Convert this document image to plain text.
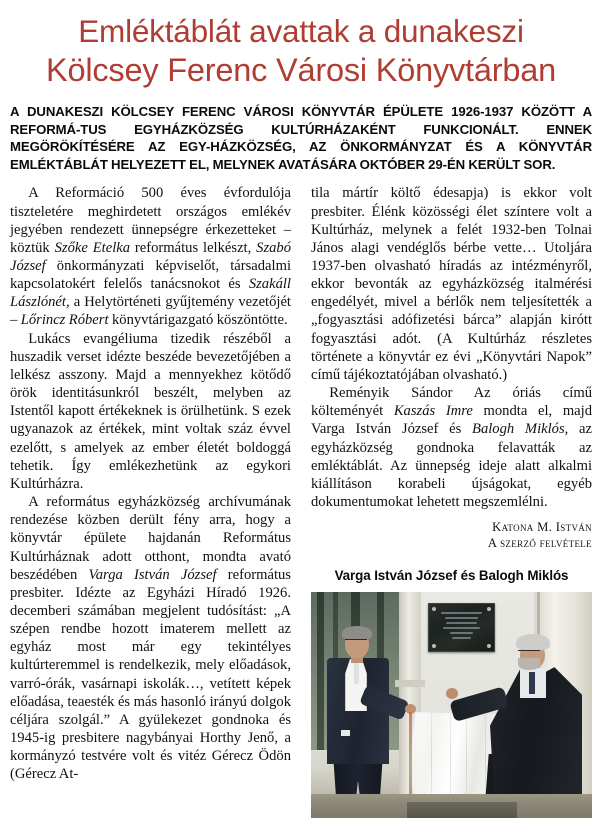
Emléktáblát avattak a dunakeszi
Kölcsey Ferenc Városi Könyvtárban

A DUNAKESZI KÖLCSEY FERENC VÁROSI KÖNYVTÁR ÉPÜLETE 1926-1937 KÖZÖTT A REFORMÁ-TUS EGYHÁZKÖZSÉG KULTÚRHÁZAKÉNT FUNKCIONÁLT. ENNEK MEGÖRÖKÍTÉSÉRE AZ EGY-HÁZKÖZSÉG, AZ ÖNKORMÁNYZAT ÉS A KÖNYVTÁR EMLÉKTÁBLÁT HELYEZETT EL, MELYNEK AVATÁSÁRA OKTÓBER 29-ÉN KERÜLT SOR.

A Reformáció 500 éves évfordulója tiszteletére meghirdetett országos emlékév jegyében rendezett ünnepségre érkezetteket – köztük Szőke Etelka református lelkészt, Szabó József önkormányzati képviselőt, társadalmi kapcsolatokért felelős tanácsnokot és Szakáll Lászlónét, a Helytörténeti gyűjtemény vezetőjét – Lőrincz Róbert könyvtárigazgató köszöntötte.

Lukács evangéliuma tizedik részéből a huszadik verset idézte beszéde bevezetőjében a lelkész asszony. Majd a mennyekhez kötődő örök identitásunkról beszélt, melyben az Istentől kapott értékeknek is örülhetünk. S ezek ugyanazok az értékek, mint voltak száz évvel ezelőtt, s amelyek az ember életét boldoggá tehetik. Így emlékezhetünk az egykori Kultúrházra.

A református egyházközség archívumának rendezése közben derült fény arra, hogy a könyvtár épülete hajdanán Református Kultúrháznak adott otthont, mondta avató beszédében Varga István József református presbiter. Idézte az Egyházi Híradó 1926. decemberi számában megjelent tudósítást: „A szépen rendbe hozott imaterem mellett az egyház most már egy tekintélyes kultúrteremmel is rendelkezik, mely előadások, varró-órák, vasárnapi iskolák…, vetített képek előadása, teaesték és más hasonló irányú dolgok céljára szolgál.” A gyülekezet gondnoka és 1945-ig presbitere nagybányai Horthy Jenő, a kormányzó testvére volt és vitéz Gérecz Ödön (Gérecz At-

tila mártír költő édesapja) is ekkor volt presbiter. Élénk közösségi élet színtere volt a Kultúrház, melynek a felét 1932-ben Tolnai János alagi vendéglős bérbe vette… Utoljára 1937-ben olvasható híradás az intézményről, ekkor bevonták az egyházközség italmérési engedélyét, mivel a bérlők nem teljesítették a „fogyasztási adófizetési bárca” alapján kirótt fogyasztási adót. (A Kultúrház részletes története a könyvtár ez évi „Könyvtári Napok” című tájékoztatójában olvasható.)

Reményik Sándor Az óriás című költeményét Kaszás Imre mondta el, majd Varga István József és Balogh Miklós, az egyházközség gondnoka felavatták az emléktáblát. Az ünnepség ideje alatt alkalmi kiállításon korabeli újságokat, egyéb dokumentumokat lehetett megszemlélni.

Katona M. István
A szerző felvétele
Varga István József és Balogh Miklós
